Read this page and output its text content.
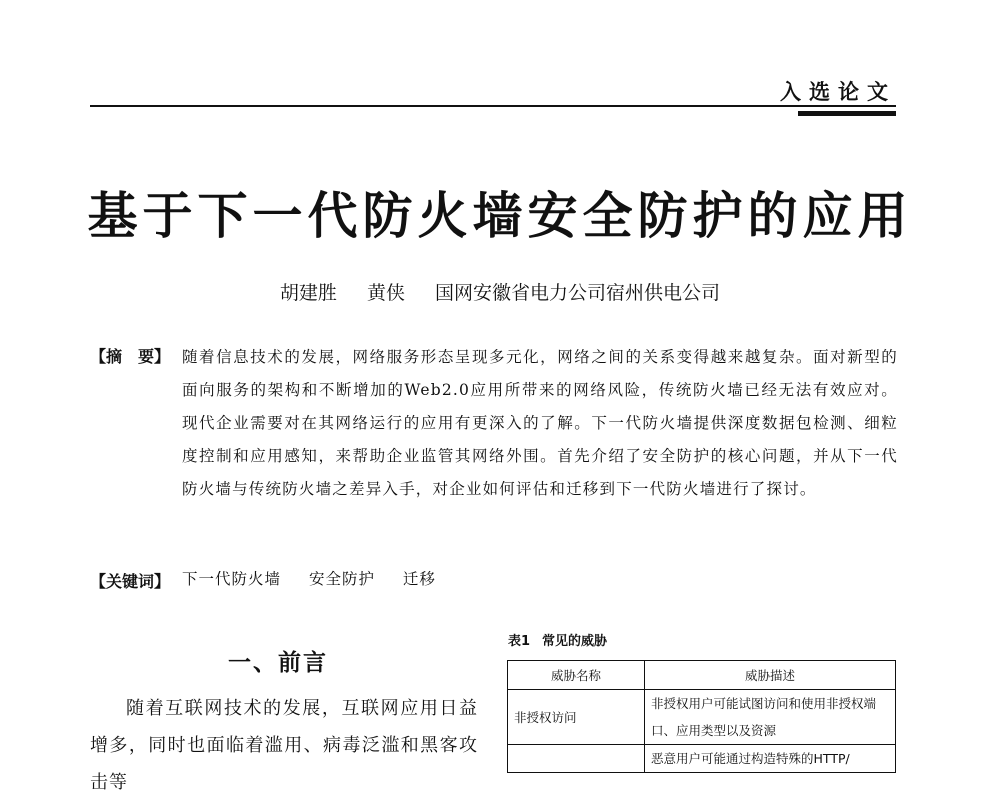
入选论文
基于下一代防火墙安全防护的应用
胡建胜 黄侠 国网安徽省电力公司宿州供电公司
【摘　要】 随着信息技术的发展，网络服务形态呈现多元化，网络之间的关系变得越来越复杂。面对新型的面向服务的架构和不断增加的Web2.0应用所带来的网络风险，传统防火墙已经无法有效应对。现代企业需要对在其网络运行的应用有更深入的了解。下一代防火墙提供深度数据包检测、细粒度控制和应用感知，来帮助企业监管其网络外围。首先介绍了安全防护的核心问题，并从下一代防火墙与传统防火墙之差异入手，对企业如何评估和迁移到下一代防火墙进行了探讨。
【关键词】 下一代防火墙 安全防护 迁移
一、前言
随着互联网技术的发展，互联网应用日益增多，同时也面临着滥用、病毒泛滥和黑客攻击等
表1 常见的威胁
威胁名称	威胁描述
非授权访问	非授权用户可能试图访问和使用非授权端口、应用类型以及资源
	恶意用户可能通过构造特殊的HTTP/
